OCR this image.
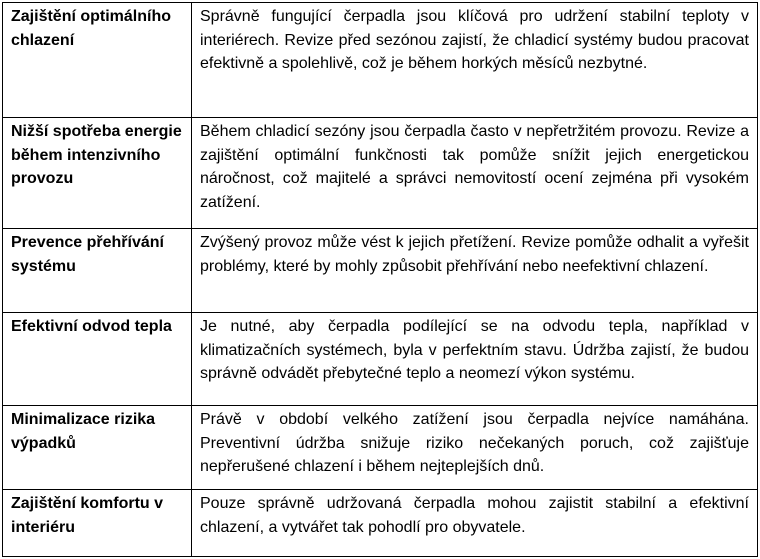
Zajištění optimálního chlazení	Správně fungující čerpadla jsou klíčová pro udržení stabilní teploty v interiérech. Revize před sezónou zajistí, že chladicí systémy budou pracovat efektivně a spolehlivě, což je během horkých měsíců nezbytné.
Nižší spotřeba energie během intenzivního provozu	Během chladicí sezóny jsou čerpadla často v nepřetržitém provozu. Revize a zajištění optimální funkčnosti tak pomůže snížit jejich energetickou náročnost, což majitelé a správci nemovitostí ocení zejména při vysokém zatížení.
Prevence přehřívání systému	Zvýšený provoz může vést k jejich přetížení. Revize pomůže odhalit a vyřešit problémy, které by mohly způsobit přehřívání nebo neefektivní chlazení.
Efektivní odvod tepla	Je nutné, aby čerpadla podílející se na odvodu tepla, například v klimatizačních systémech, byla v perfektním stavu. Údržba zajistí, že budou správně odvádět přebytečné teplo a neomezí výkon systému.
Minimalizace rizika výpadků	Právě v období velkého zatížení jsou čerpadla nejvíce namáhána. Preventivní údržba snižuje riziko nečekaných poruch, což zajišťuje nepřerušené chlazení i během nejteplejších dnů.
Zajištění komfortu v interiéru	Pouze správně udržovaná čerpadla mohou zajistit stabilní a efektivní chlazení, a vytvářet tak pohodlí pro obyvatele.
